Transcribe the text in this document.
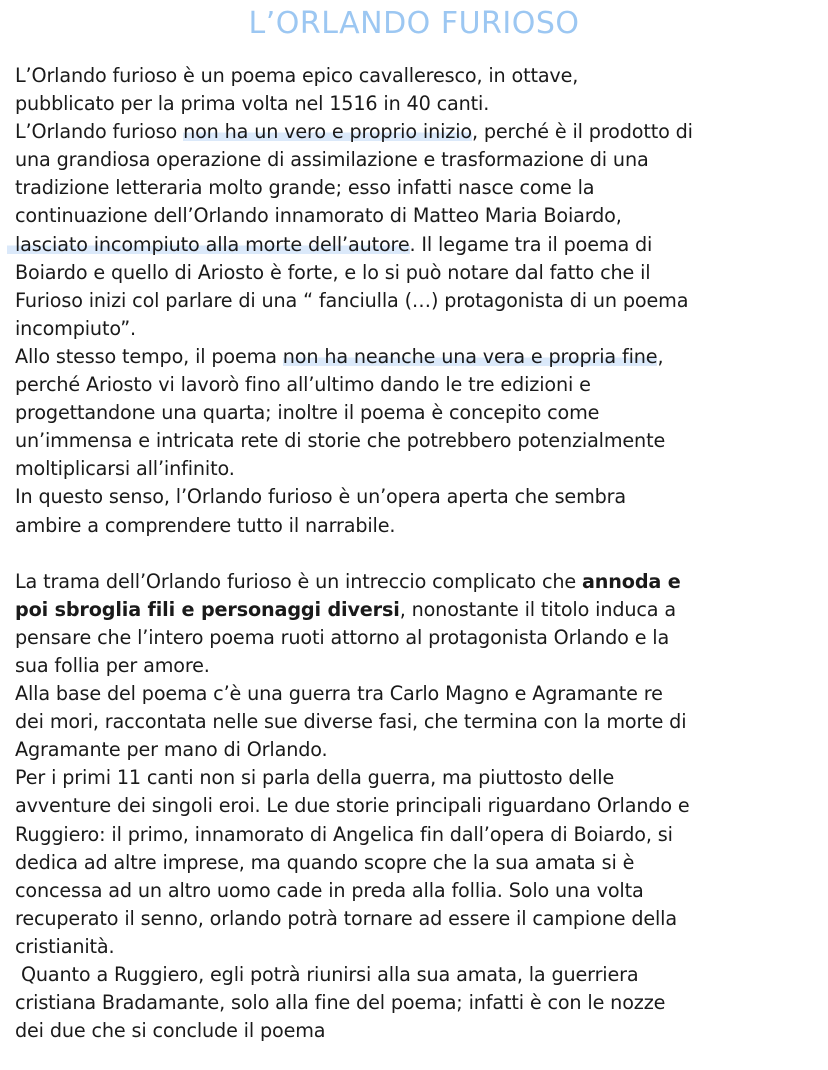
L’ORLANDO FURIOSO
L’Orlando furioso è un poema epico cavalleresco, in ottave,
pubblicato per la prima volta nel 1516 in 40 canti.
L’Orlando furioso non ha un vero e proprio inizio, perché è il prodotto di
una grandiosa operazione di assimilazione e trasformazione di una
tradizione letteraria molto grande; esso infatti nasce come la
continuazione dell’Orlando innamorato di Matteo Maria Boiardo,
lasciato incompiuto alla morte dell’autore. Il legame tra il poema di
Boiardo e quello di Ariosto è forte, e lo si può notare dal fatto che il
Furioso inizi col parlare di una “ fanciulla (…) protagonista di un poema
incompiuto”.
Allo stesso tempo, il poema non ha neanche una vera e propria fine,
perché Ariosto vi lavorò fino all’ultimo dando le tre edizioni e
progettandone una quarta; inoltre il poema è concepito come
un’immensa e intricata rete di storie che potrebbero potenzialmente
moltiplicarsi all’infinito.
In questo senso, l’Orlando furioso è un’opera aperta che sembra
ambire a comprendere tutto il narrabile.
La trama dell’Orlando furioso è un intreccio complicato che annoda e
poi sbroglia fili e personaggi diversi, nonostante il titolo induca a
pensare che l’intero poema ruoti attorno al protagonista Orlando e la
sua follia per amore.
Alla base del poema c’è una guerra tra Carlo Magno e Agramante re
dei mori, raccontata nelle sue diverse fasi, che termina con la morte di
Agramante per mano di Orlando.
Per i primi 11 canti non si parla della guerra, ma piuttosto delle
avventure dei singoli eroi. Le due storie principali riguardano Orlando e
Ruggiero: il primo, innamorato di Angelica fin dall’opera di Boiardo, si
dedica ad altre imprese, ma quando scopre che la sua amata si è
concessa ad un altro uomo cade in preda alla follia. Solo una volta
recuperato il senno, orlando potrà tornare ad essere il campione della
cristianità.
Quanto a Ruggiero, egli potrà riunirsi alla sua amata, la guerriera
cristiana Bradamante, solo alla fine del poema; infatti è con le nozze
dei due che si conclude il poema
